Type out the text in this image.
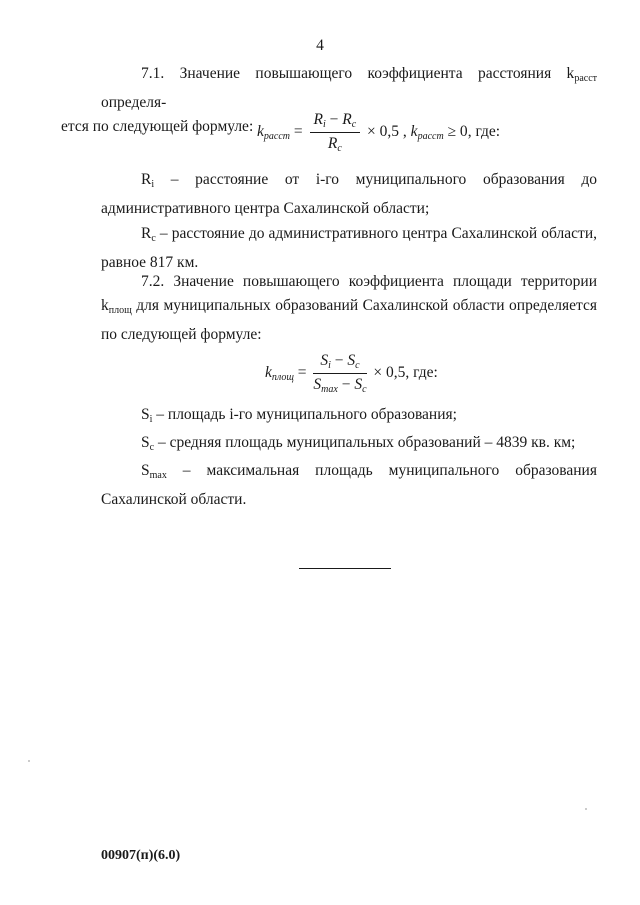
4
7.1. Значение повышающего коэффициента расстояния $k_{расст}$ определя-
ется по следующей формуле: $k_{расст} = \frac{R_i - R_c}{R_c} \times 0,5$ , $k_{расст} \ge 0$, где:
$R_i$ – расстояние от i-го муниципального образования до административного центра Сахалинской области;
$R_c$ – расстояние до административного центра Сахалинской области, равное 817 км.
7.2. Значение повышающего коэффициента площади территории $k_{площ}$ для муниципальных образований Сахалинской области определяется по следующей формуле:
$k_{площ} = \frac{S_i - S_c}{S_{max} - S_c} \times 0,5$, где:
$S_i$ – площадь i-го муниципального образования;
$S_c$ – средняя площадь муниципальных образований – 4839 кв. км;
$S_{max}$ – максимальная площадь муниципального образования Сахалинской области.
00907(п)(6.0)
